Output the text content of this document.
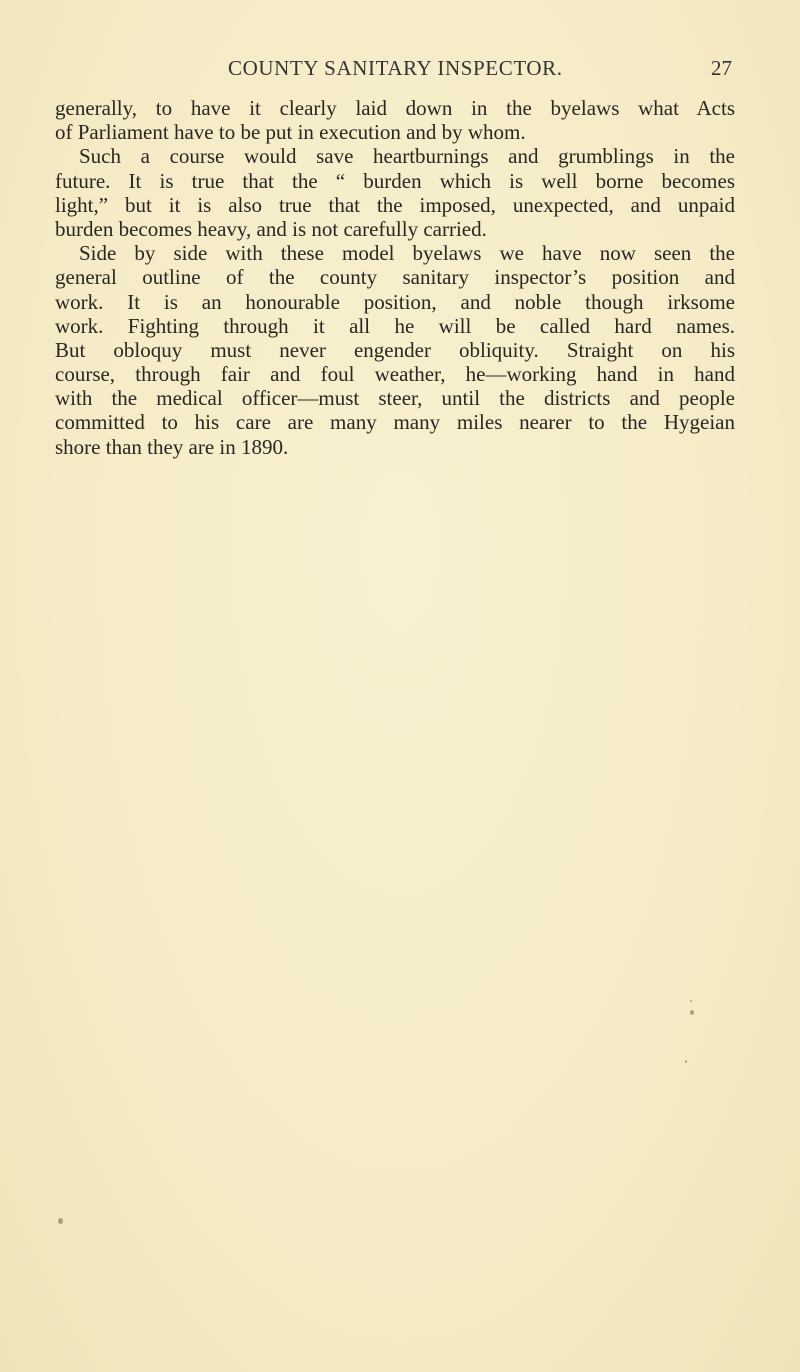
COUNTY SANITARY INSPECTOR.	27
generally, to have it clearly laid down in the byelaws what Acts
of Parliament have to be put in execution and by whom.
Such a course would save heartburnings and grumblings in the
future. It is true that the “ burden which is well borne becomes
light,” but it is also true that the imposed, unexpected, and unpaid
burden becomes heavy, and is not carefully carried.
Side by side with these model byelaws we have now seen the
general outline of the county sanitary inspector’s position and
work. It is an honourable position, and noble though irksome
work. Fighting through it all he will be called hard names.
But obloquy must never engender obliquity. Straight on his
course, through fair and foul weather, he—working hand in hand
with the medical officer—must steer, until the districts and people
committed to his care are many many miles nearer to the Hygeian
shore than they are in 1890.
